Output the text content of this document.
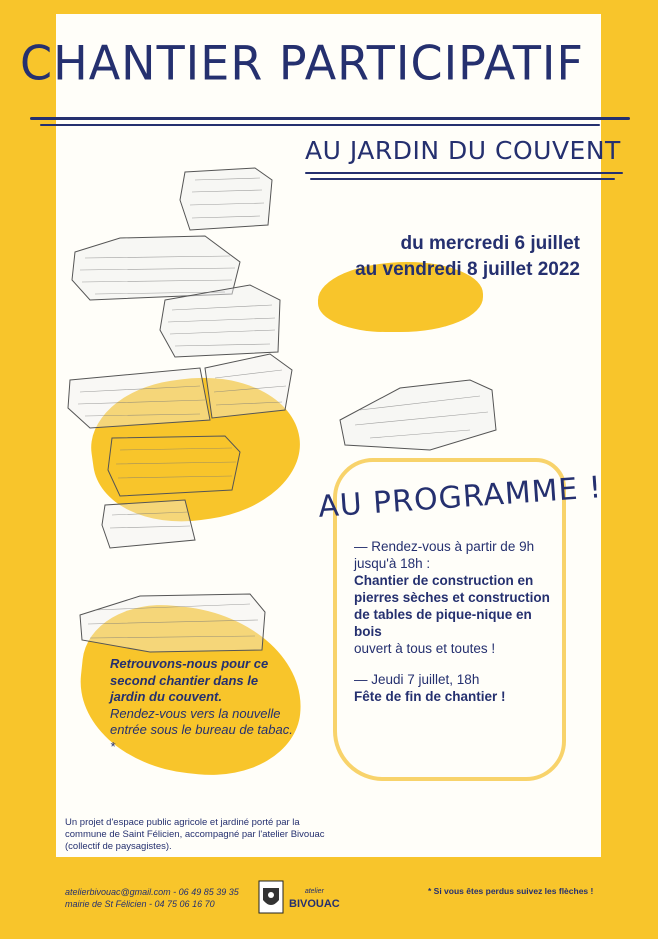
CHANTIER PARTICIPATIF
AU JARDIN DU COUVENT
du mercredi 6 juillet
au vendredi 8 juillet 2022
AU PROGRAMME !
— Rendez-vous à partir de 9h jusqu'à 18h :
Chantier de construction en pierres sèches et construction de tables de pique-nique en bois
ouvert à tous et toutes !
— Jeudi 7 juillet, 18h
Fête de fin de chantier !
Retrouvons-nous pour ce second chantier dans le jardin du couvent.
Rendez-vous vers la nouvelle entrée sous le bureau de tabac. *
Un projet d'espace public agricole et jardiné porté par la commune de Saint Félicien, accompagné par l'atelier Bivouac (collectif de paysagistes).
atelierbivouac@gmail.com - 06 49 85 39 35
mairie de St Félicien - 04 75 06 16 70
atelier
BIVOUAC
* Si vous êtes perdus suivez les flèches !
